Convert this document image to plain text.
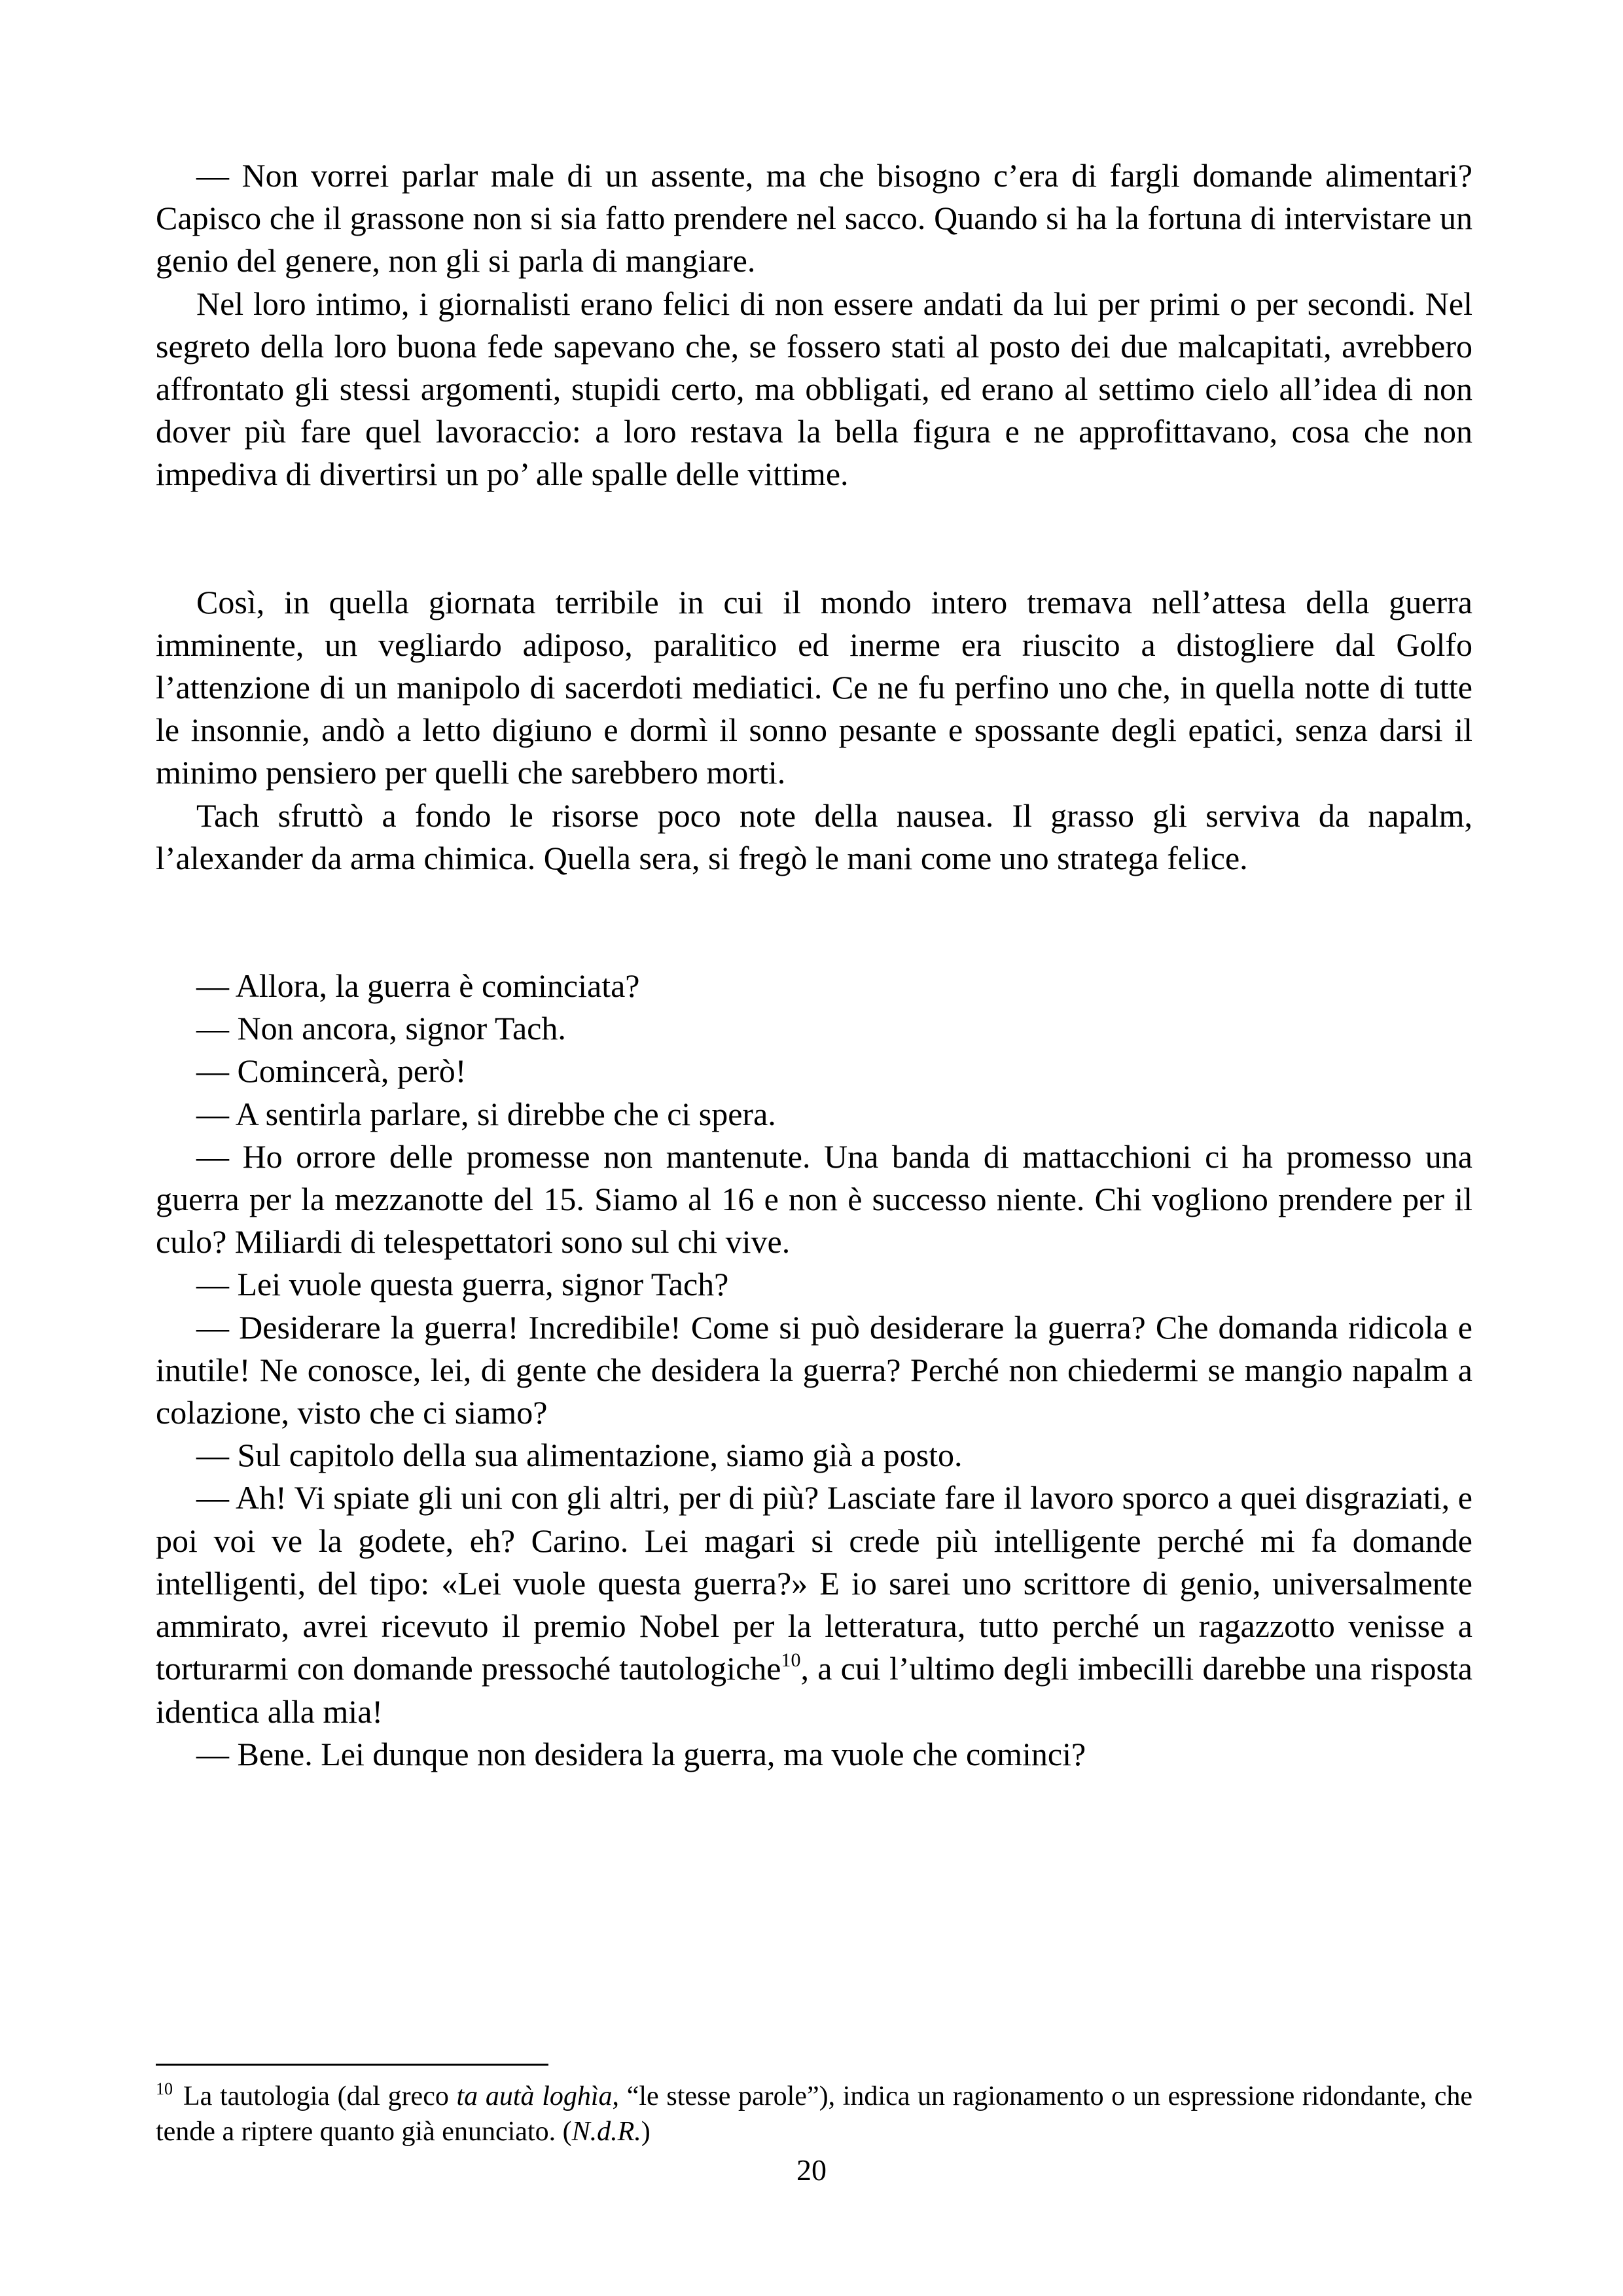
— Non vorrei parlar male di un assente, ma che bisogno c’era di fargli domande alimentari? Capisco che il grassone non si sia fatto prendere nel sacco. Quando si ha la fortuna di intervistare un genio del genere, non gli si parla di mangiare.

Nel loro intimo, i giornalisti erano felici di non essere andati da lui per primi o per secondi. Nel segreto della loro buona fede sapevano che, se fossero stati al posto dei due malcapitati, avrebbero affrontato gli stessi argomenti, stupidi certo, ma obbligati, ed erano al settimo cielo all’idea di non dover più fare quel lavoraccio: a loro restava la bella figura e ne approfittavano, cosa che non impediva di divertirsi un po’ alle spalle delle vittime.

Così, in quella giornata terribile in cui il mondo intero tremava nell’attesa della guerra imminente, un vegliardo adiposo, paralitico ed inerme era riuscito a distogliere dal Golfo l’attenzione di un manipolo di sacerdoti mediatici. Ce ne fu perfino uno che, in quella notte di tutte le insonnie, andò a letto digiuno e dormì il sonno pesante e spossante degli epatici, senza darsi il minimo pensiero per quelli che sarebbero morti.

Tach sfruttò a fondo le risorse poco note della nausea. Il grasso gli serviva da napalm, l’alexander da arma chimica. Quella sera, si fregò le mani come uno stratega felice.

— Allora, la guerra è cominciata?

— Non ancora, signor Tach.

— Comincerà, però!

— A sentirla parlare, si direbbe che ci spera.

— Ho orrore delle promesse non mantenute. Una banda di mattacchioni ci ha promesso una guerra per la mezzanotte del 15. Siamo al 16 e non è successo niente. Chi vogliono prendere per il culo? Miliardi di telespettatori sono sul chi vive.

— Lei vuole questa guerra, signor Tach?

— Desiderare la guerra! Incredibile! Come si può desiderare la guerra? Che domanda ridicola e inutile! Ne conosce, lei, di gente che desidera la guerra? Perché non chiedermi se mangio napalm a colazione, visto che ci siamo?

— Sul capitolo della sua alimentazione, siamo già a posto.

— Ah! Vi spiate gli uni con gli altri, per di più? Lasciate fare il lavoro sporco a quei disgraziati, e poi voi ve la godete, eh? Carino. Lei magari si crede più intelligente perché mi fa domande intelligenti, del tipo: «Lei vuole questa guerra?» E io sarei uno scrittore di genio, universalmente ammirato, avrei ricevuto il premio Nobel per la letteratura, tutto perché un ragazzotto venisse a torturarmi con domande pressoché tautologiche$^{10}$, a cui l’ultimo degli imbecilli darebbe una risposta identica alla mia!

— Bene. Lei dunque non desidera la guerra, ma vuole che cominci?

$^{10}$ La tautologia (dal greco ta autà loghìa, “le stesse parole”), indica un ragionamento o un espressione ridondante, che tende a riptere quanto già enunciato. (N.d.R.)
20
